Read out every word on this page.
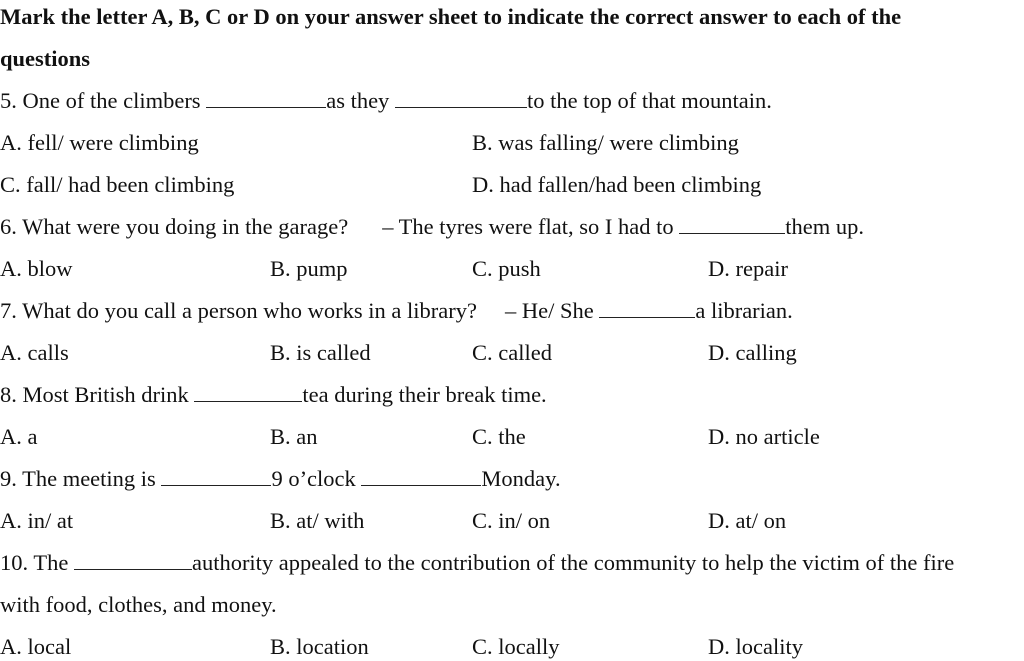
Mark the letter A, B, C or D on your answer sheet to indicate the correct answer to each of the
questions
5. One of the climbers	as they	to the top of that mountain.
A. fell/ were climbing	B. was falling/ were climbing
C. fall/ had been climbing	D. had fallen/had been climbing
6. What were you doing in the garage? – The tyres were flat, so I had to	them up.
A. blow	B. pump	C. push	D. repair
7. What do you call a person who works in a library? – He/ She	a librarian.
A. calls	B. is called	C. called	D. calling
8. Most British drink	tea during their break time.
A. a	B. an	C. the	D. no article
9. The meeting is	9 o’clock	Monday.
A. in/ at	B. at/ with	C. in/ on	D. at/ on
10. The	authority appealed to the contribution of the community to help the victim of the fire
with food, clothes, and money.
A. local	B. location	C. locally	D. locality
